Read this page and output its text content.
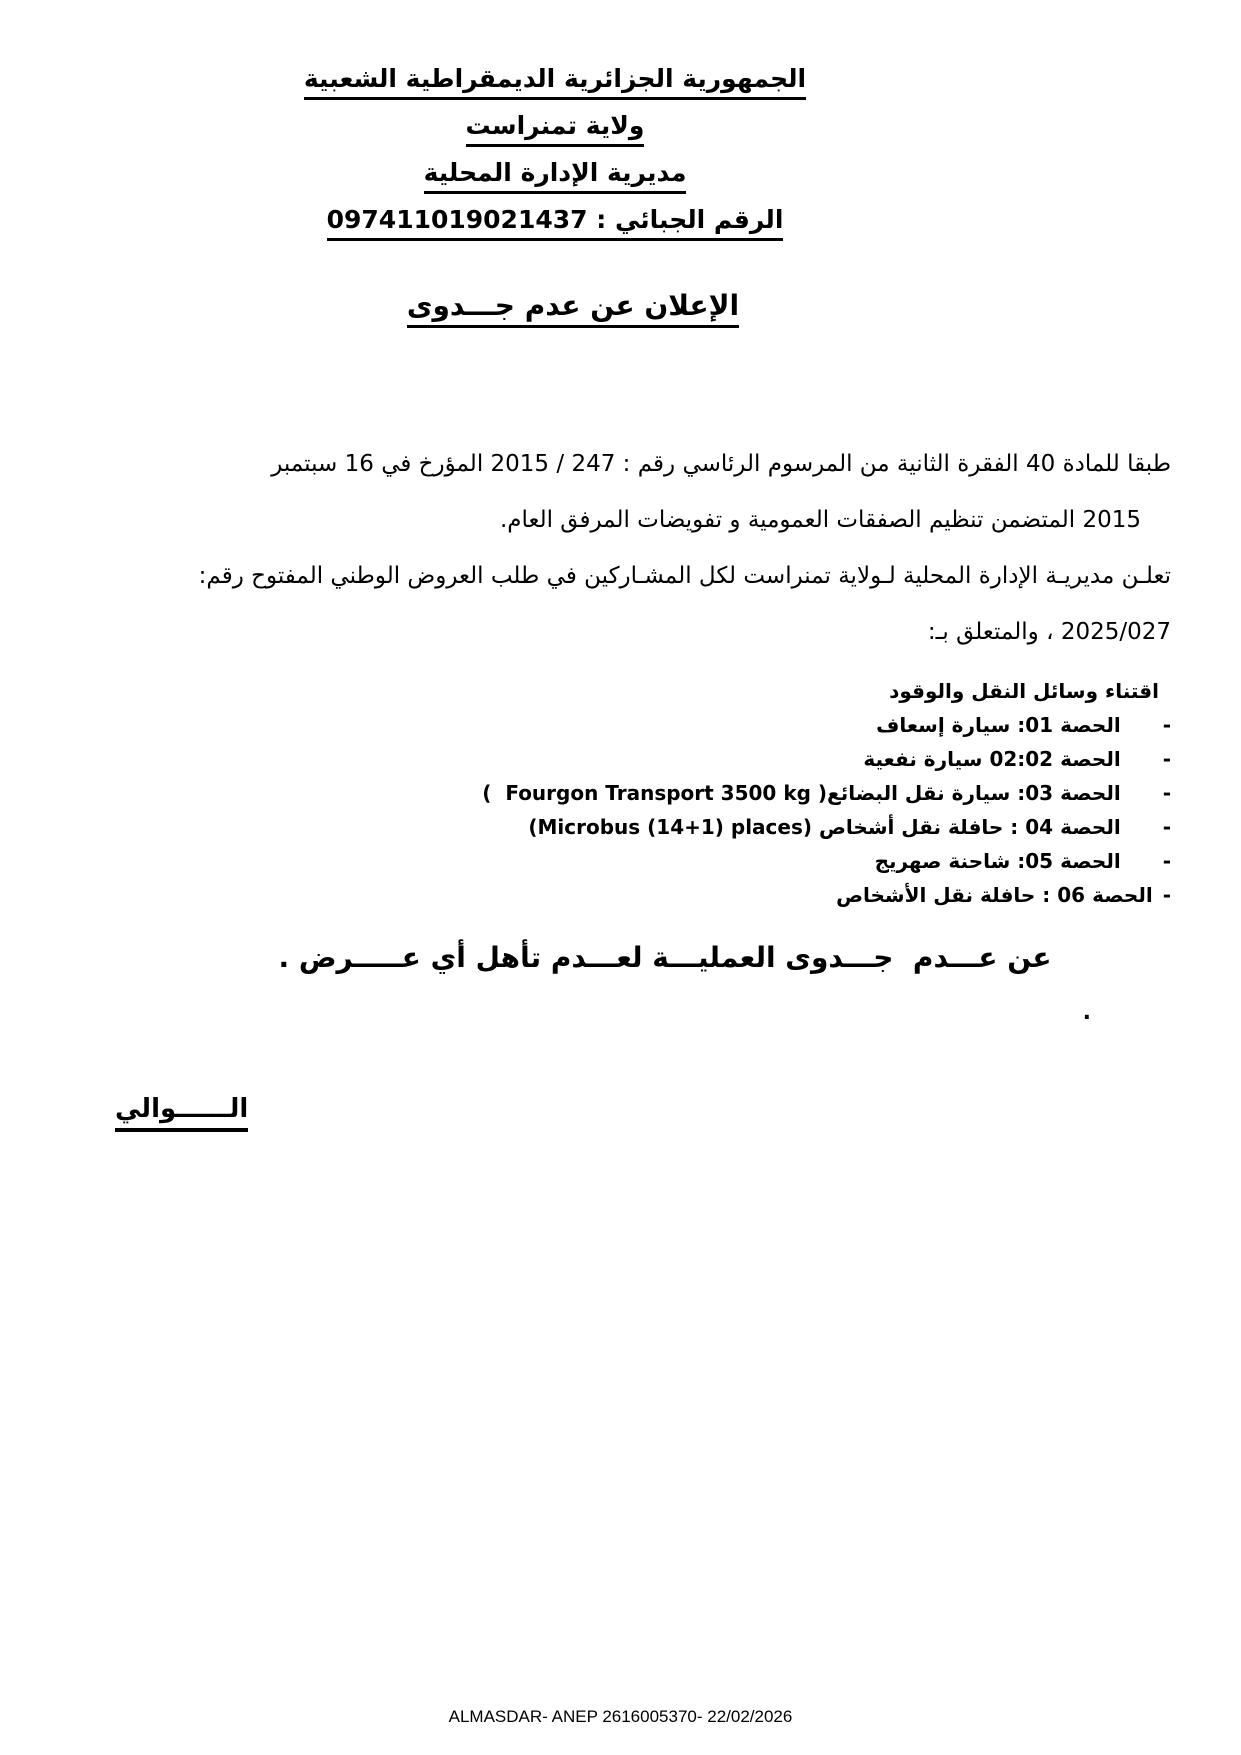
الجمهورية الجزائرية الديمقراطية الشعبية
ولاية تمنراست
مديرية الإدارة المحلية
الرقم الجبائي : 097411019021437
الإعلان عن عدم جـــدوى
طبقا للمادة 40 الفقرة الثانية من المرسوم الرئاسي رقم : 247 / 2015 المؤرخ في 16 سبتمبر
2015 المتضمن تنظيم الصفقات العمومية و تفويضات المرفق العام.
تعلـن مديريـة الإدارة المحلية لـولاية تمنراست لكل المشـاركين في طلب العروض الوطني المفتوح رقم:
2025/027 ، والمتعلق بـ:
اقتناء وسائل النقل والوقود
-الحصة 01: سيارة إسعاف
-الحصة 02:02 سيارة نفعية
-الحصة 03: سيارة نقل البضائع( Fourgon Transport 3500 kg  )
-الحصة 04 : حافلة نقل أشخاص (Microbus (14+1) places)
-الحصة 05: شاحنة صهريج
-الحصة 06 : حافلة نقل الأشخاص
عن عـــدم  جـــدوى العمليـــة لعـــدم تأهل أي عـــــرض .
.
الــــــوالي
ALMASDAR- ANEP 2616005370- 22/02/2026
